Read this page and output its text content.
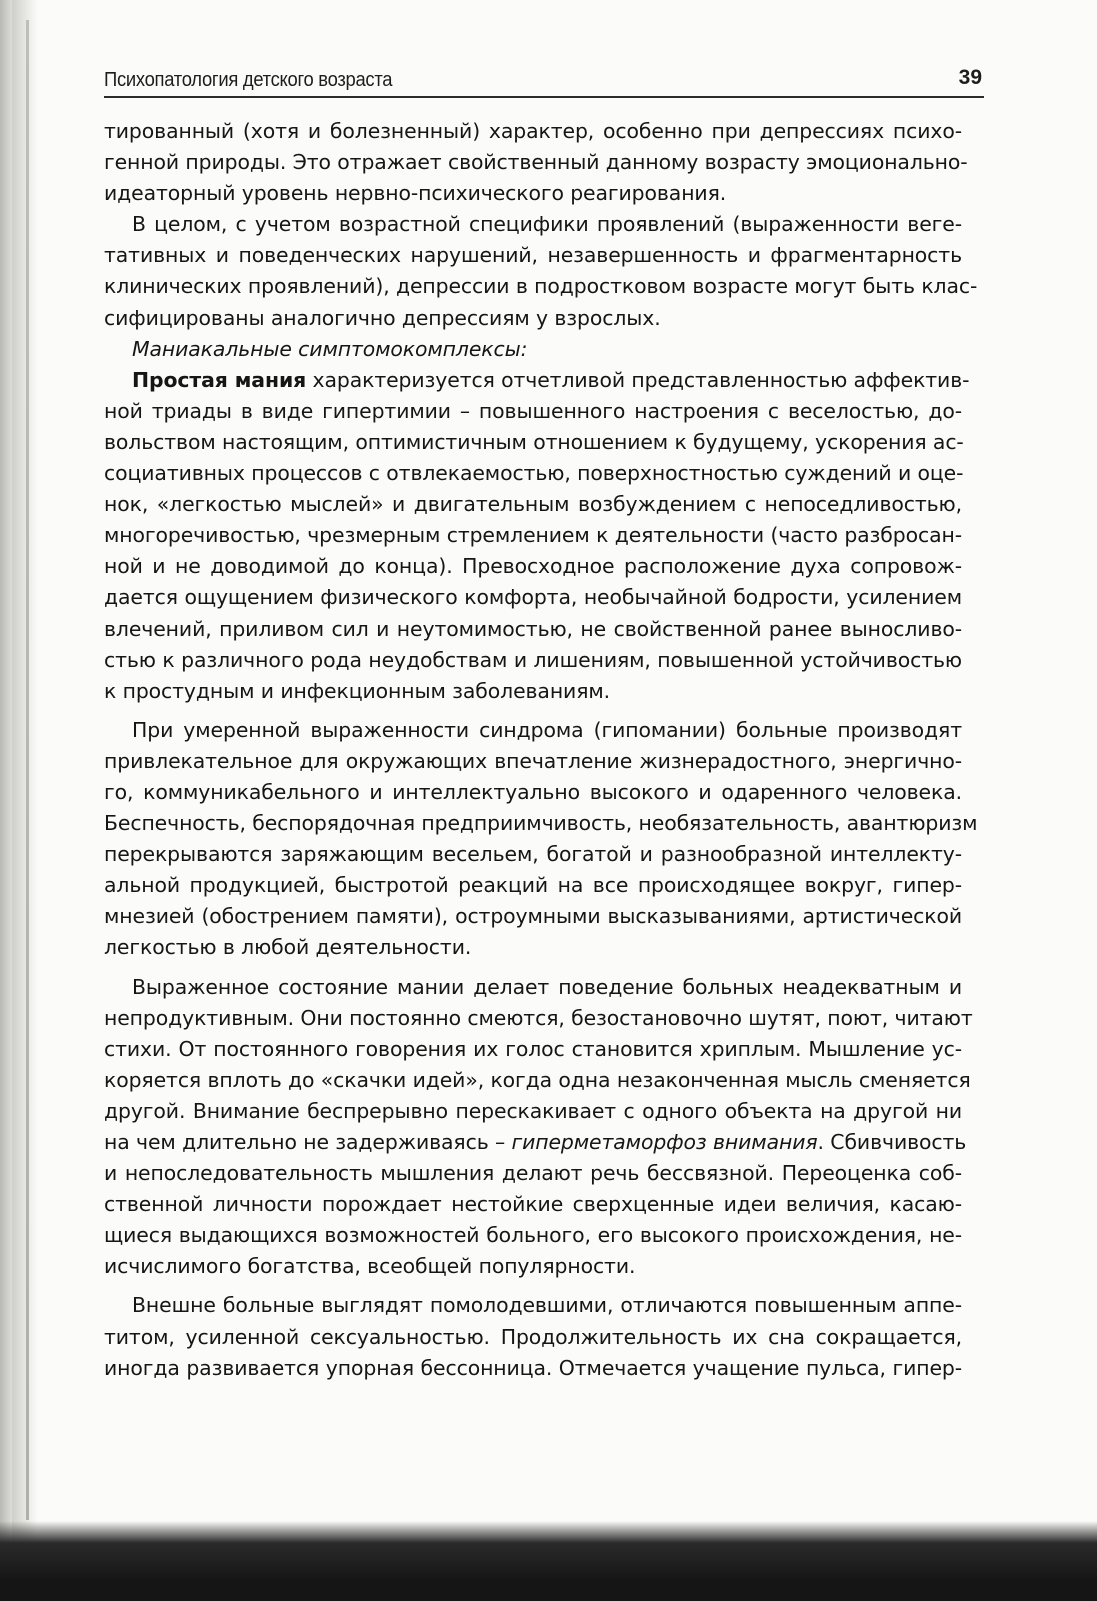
Психопатология детского возраста	39
тированный (хотя и болезненный) характер, особенно при депрессиях психо-
генной природы. Это отражает свойственный данному возрасту эмоционально-
идеаторный уровень нервно-психического реагирования.
В целом, с учетом возрастной специфики проявлений (выраженности веге-
тативных и поведенческих нарушений, незавершенность и фрагментарность
клинических проявлений), депрессии в подростковом возрасте могут быть клас-
сифицированы аналогично депрессиям у взрослых.
Маниакальные симптомокомплексы:
Простая мания характеризуется отчетливой представленностью аффектив-
ной триады в виде гипертимии – повышенного настроения с веселостью, до-
вольством настоящим, оптимистичным отношением к будущему, ускорения ас-
социативных процессов с отвлекаемостью, поверхностностью суждений и оце-
нок, «легкостью мыслей» и двигательным возбуждением с непоседливостью,
многоречивостью, чрезмерным стремлением к деятельности (часто разбросан-
ной и не доводимой до конца). Превосходное расположение духа сопровож-
дается ощущением физического комфорта, необычайной бодрости, усилением
влечений, приливом сил и неутомимостью, не свойственной ранее выносливо-
стью к различного рода неудобствам и лишениям, повышенной устойчивостью
к простудным и инфекционным заболеваниям.
При умеренной выраженности синдрома (гипомании) больные производят
привлекательное для окружающих впечатление жизнерадостного, энергично-
го, коммуникабельного и интеллектуально высокого и одаренного человека.
Беспечность, беспорядочная предприимчивость, необязательность, авантюризм
перекрываются заряжающим весельем, богатой и разнообразной интеллекту-
альной продукцией, быстротой реакций на все происходящее вокруг, гипер-
мнезией (обострением памяти), остроумными высказываниями, артистической
легкостью в любой деятельности.
Выраженное состояние мании делает поведение больных неадекватным и
непродуктивным. Они постоянно смеются, безостановочно шутят, поют, читают
стихи. От постоянного говорения их голос становится хриплым. Мышление ус-
коряется вплоть до «скачки идей», когда одна незаконченная мысль сменяется
другой. Внимание беспрерывно перескакивает с одного объекта на другой ни
на чем длительно не задерживаясь – гиперметаморфоз внимания. Сбивчивость
и непоследовательность мышления делают речь бессвязной. Переоценка соб-
ственной личности порождает нестойкие сверхценные идеи величия, касаю-
щиеся выдающихся возможностей больного, его высокого происхождения, не-
исчислимого богатства, всеобщей популярности.
Внешне больные выглядят помолодевшими, отличаются повышенным аппе-
титом, усиленной сексуальностью. Продолжительность их сна сокращается,
иногда развивается упорная бессонница. Отмечается учащение пульса, гипер-
